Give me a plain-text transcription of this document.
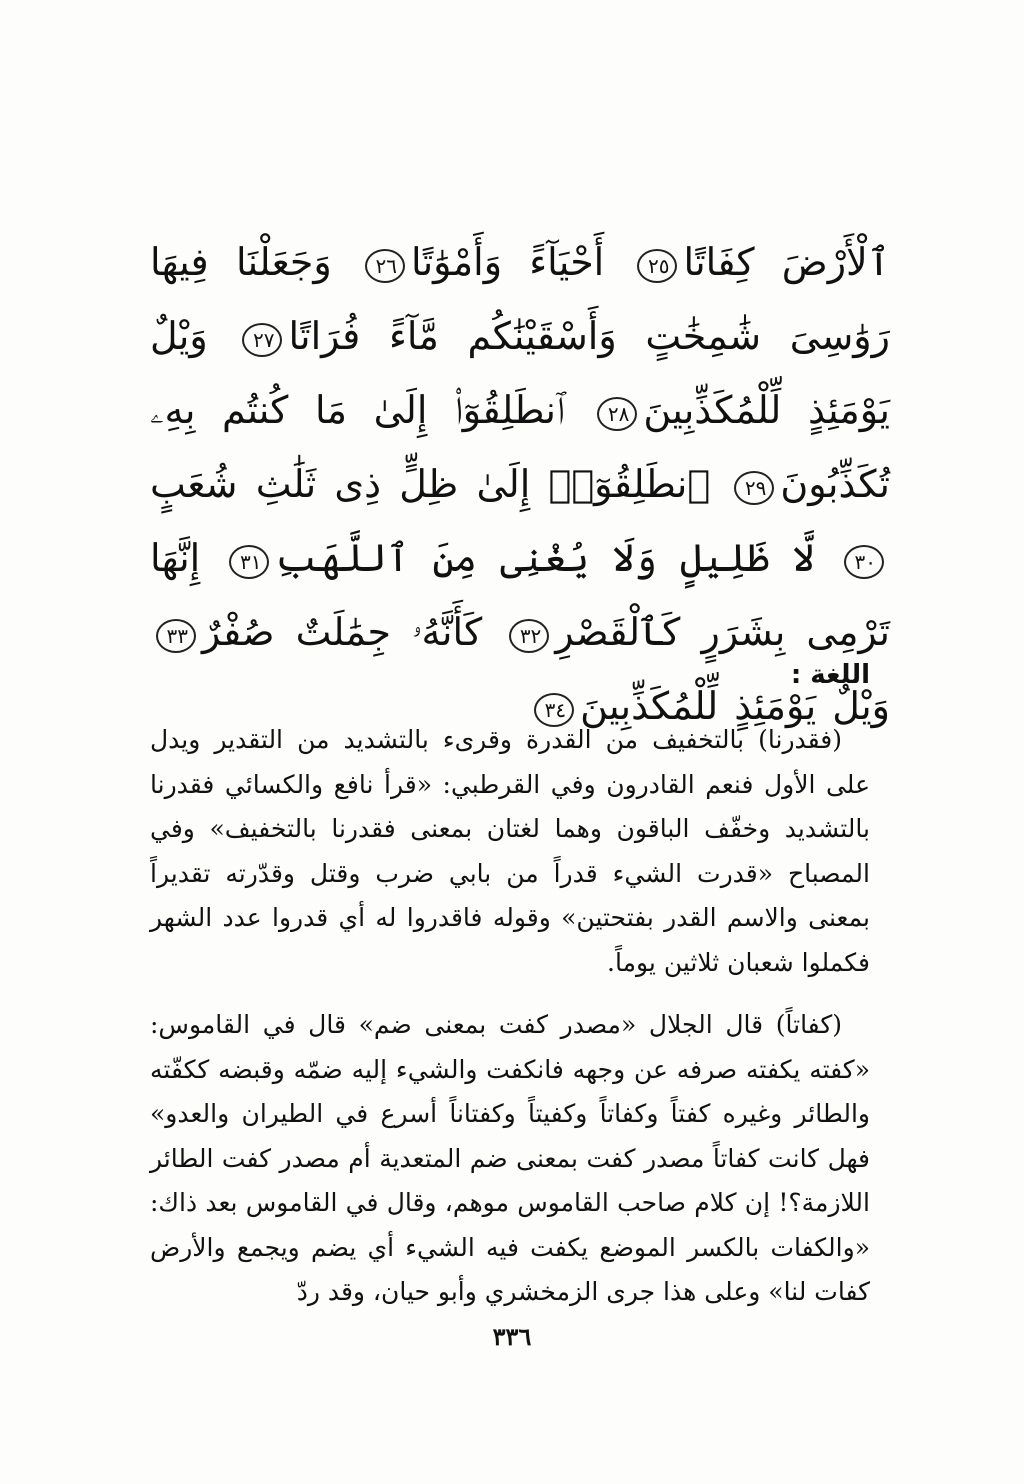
ٱلْأَرْضَ كِفَاتًا٢٥ أَحْيَآءً وَأَمْوَٰتًا٢٦ وَجَعَلْنَا فِيهَا رَوَٰسِىَ شَٰمِخَٰتٍ وَأَسْقَيْنَٰكُم مَّآءً فُرَاتًا٢٧ وَيْلٌ يَوْمَئِذٍ لِّلْمُكَذِّبِينَ٢٨ ٱنطَلِقُوٓا۟ إِلَىٰ مَا كُنتُم بِهِۦ تُكَذِّبُونَ٢٩ ٱنطَلِقُوٓا۟ إِلَىٰ ظِلٍّ ذِى ثَلَٰثِ شُعَبٍ٣٠ لَّا ظَلِيلٍ وَلَا يُغْنِى مِنَ ٱللَّهَبِ٣١ إِنَّهَا تَرْمِى بِشَرَرٍ كَٱلْقَصْرِ٣٢ كَأَنَّهُۥ جِمَٰلَتٌ صُفْرٌ٣٣ وَيْلٌ يَوْمَئِذٍ لِّلْمُكَذِّبِينَ٣٤
اللغة :

(فقدرنا) بالتخفيف من القدرة وقرىء بالتشديد من التقدير ويدل على الأول فنعم القادرون وفي القرطبي: «قرأ نافع والكسائي فقدرنا بالتشديد وخفّف الباقون وهما لغتان بمعنى فقدرنا بالتخفيف» وفي المصباح «قدرت الشيء قدراً من بابي ضرب وقتل وقدّرته تقديراً بمعنى والاسم القدر بفتحتين» وقوله فاقدروا له أي قدروا عدد الشهر فكملوا شعبان ثلاثين يوماً.

(كفاتاً) قال الجلال «مصدر كفت بمعنى ضم» قال في القاموس: «كفته يكفته صرفه عن وجهه فانكفت والشيء إليه ضمّه وقبضه ككفّته والطائر وغيره كفتاً وكفاتاً وكفيتاً وكفتاناً أسرع في الطيران والعدو» فهل كانت كفاتاً مصدر كفت بمعنى ضم المتعدية أم مصدر كفت الطائر اللازمة؟! إن كلام صاحب القاموس موهم، وقال في القاموس بعد ذاك: «والكفات بالكسر الموضع يكفت فيه الشيء أي يضم ويجمع والأرض كفات لنا» وعلى هذا جرى الزمخشري وأبو حيان، وقد ردّ

٣٣٦
